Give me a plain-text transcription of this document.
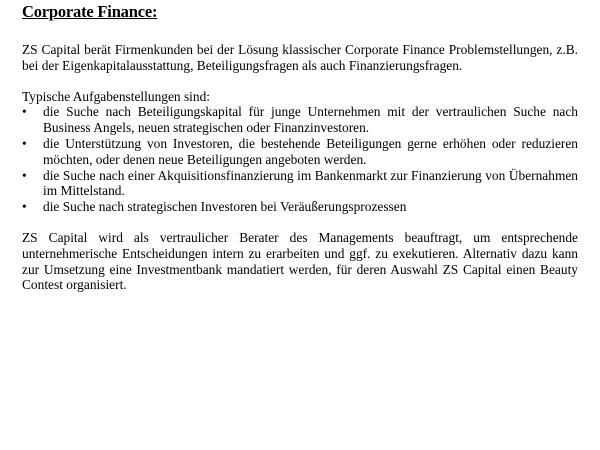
Corporate Finance:

ZS Capital berät Firmenkunden bei der Lösung klassischer Corporate Finance Problemstellungen, z.B. bei der Eigenkapitalausstattung, Beteiligungsfragen als auch Finanzierungsfragen.

Typische Aufgabenstellungen sind:

• die Suche nach Beteiligungskapital für junge Unternehmen mit der vertraulichen Suche nach Business Angels, neuen strategischen oder Finanzinvestoren.
• die Unterstützung von Investoren, die bestehende Beteiligungen gerne erhöhen oder reduzieren möchten, oder denen neue Beteiligungen angeboten werden.
• die Suche nach einer Akquisitionsfinanzierung im Bankenmarkt zur Finanzierung von Übernahmen im Mittelstand.
• die Suche nach strategischen Investoren bei Veräußerungsprozessen

ZS Capital wird als vertraulicher Berater des Managements beauftragt, um entsprechende unternehmerische Entscheidungen intern zu erarbeiten und ggf. zu exekutieren. Alternativ dazu kann zur Umsetzung eine Investmentbank mandatiert werden, für deren Auswahl ZS Capital einen Beauty Contest organisiert.
